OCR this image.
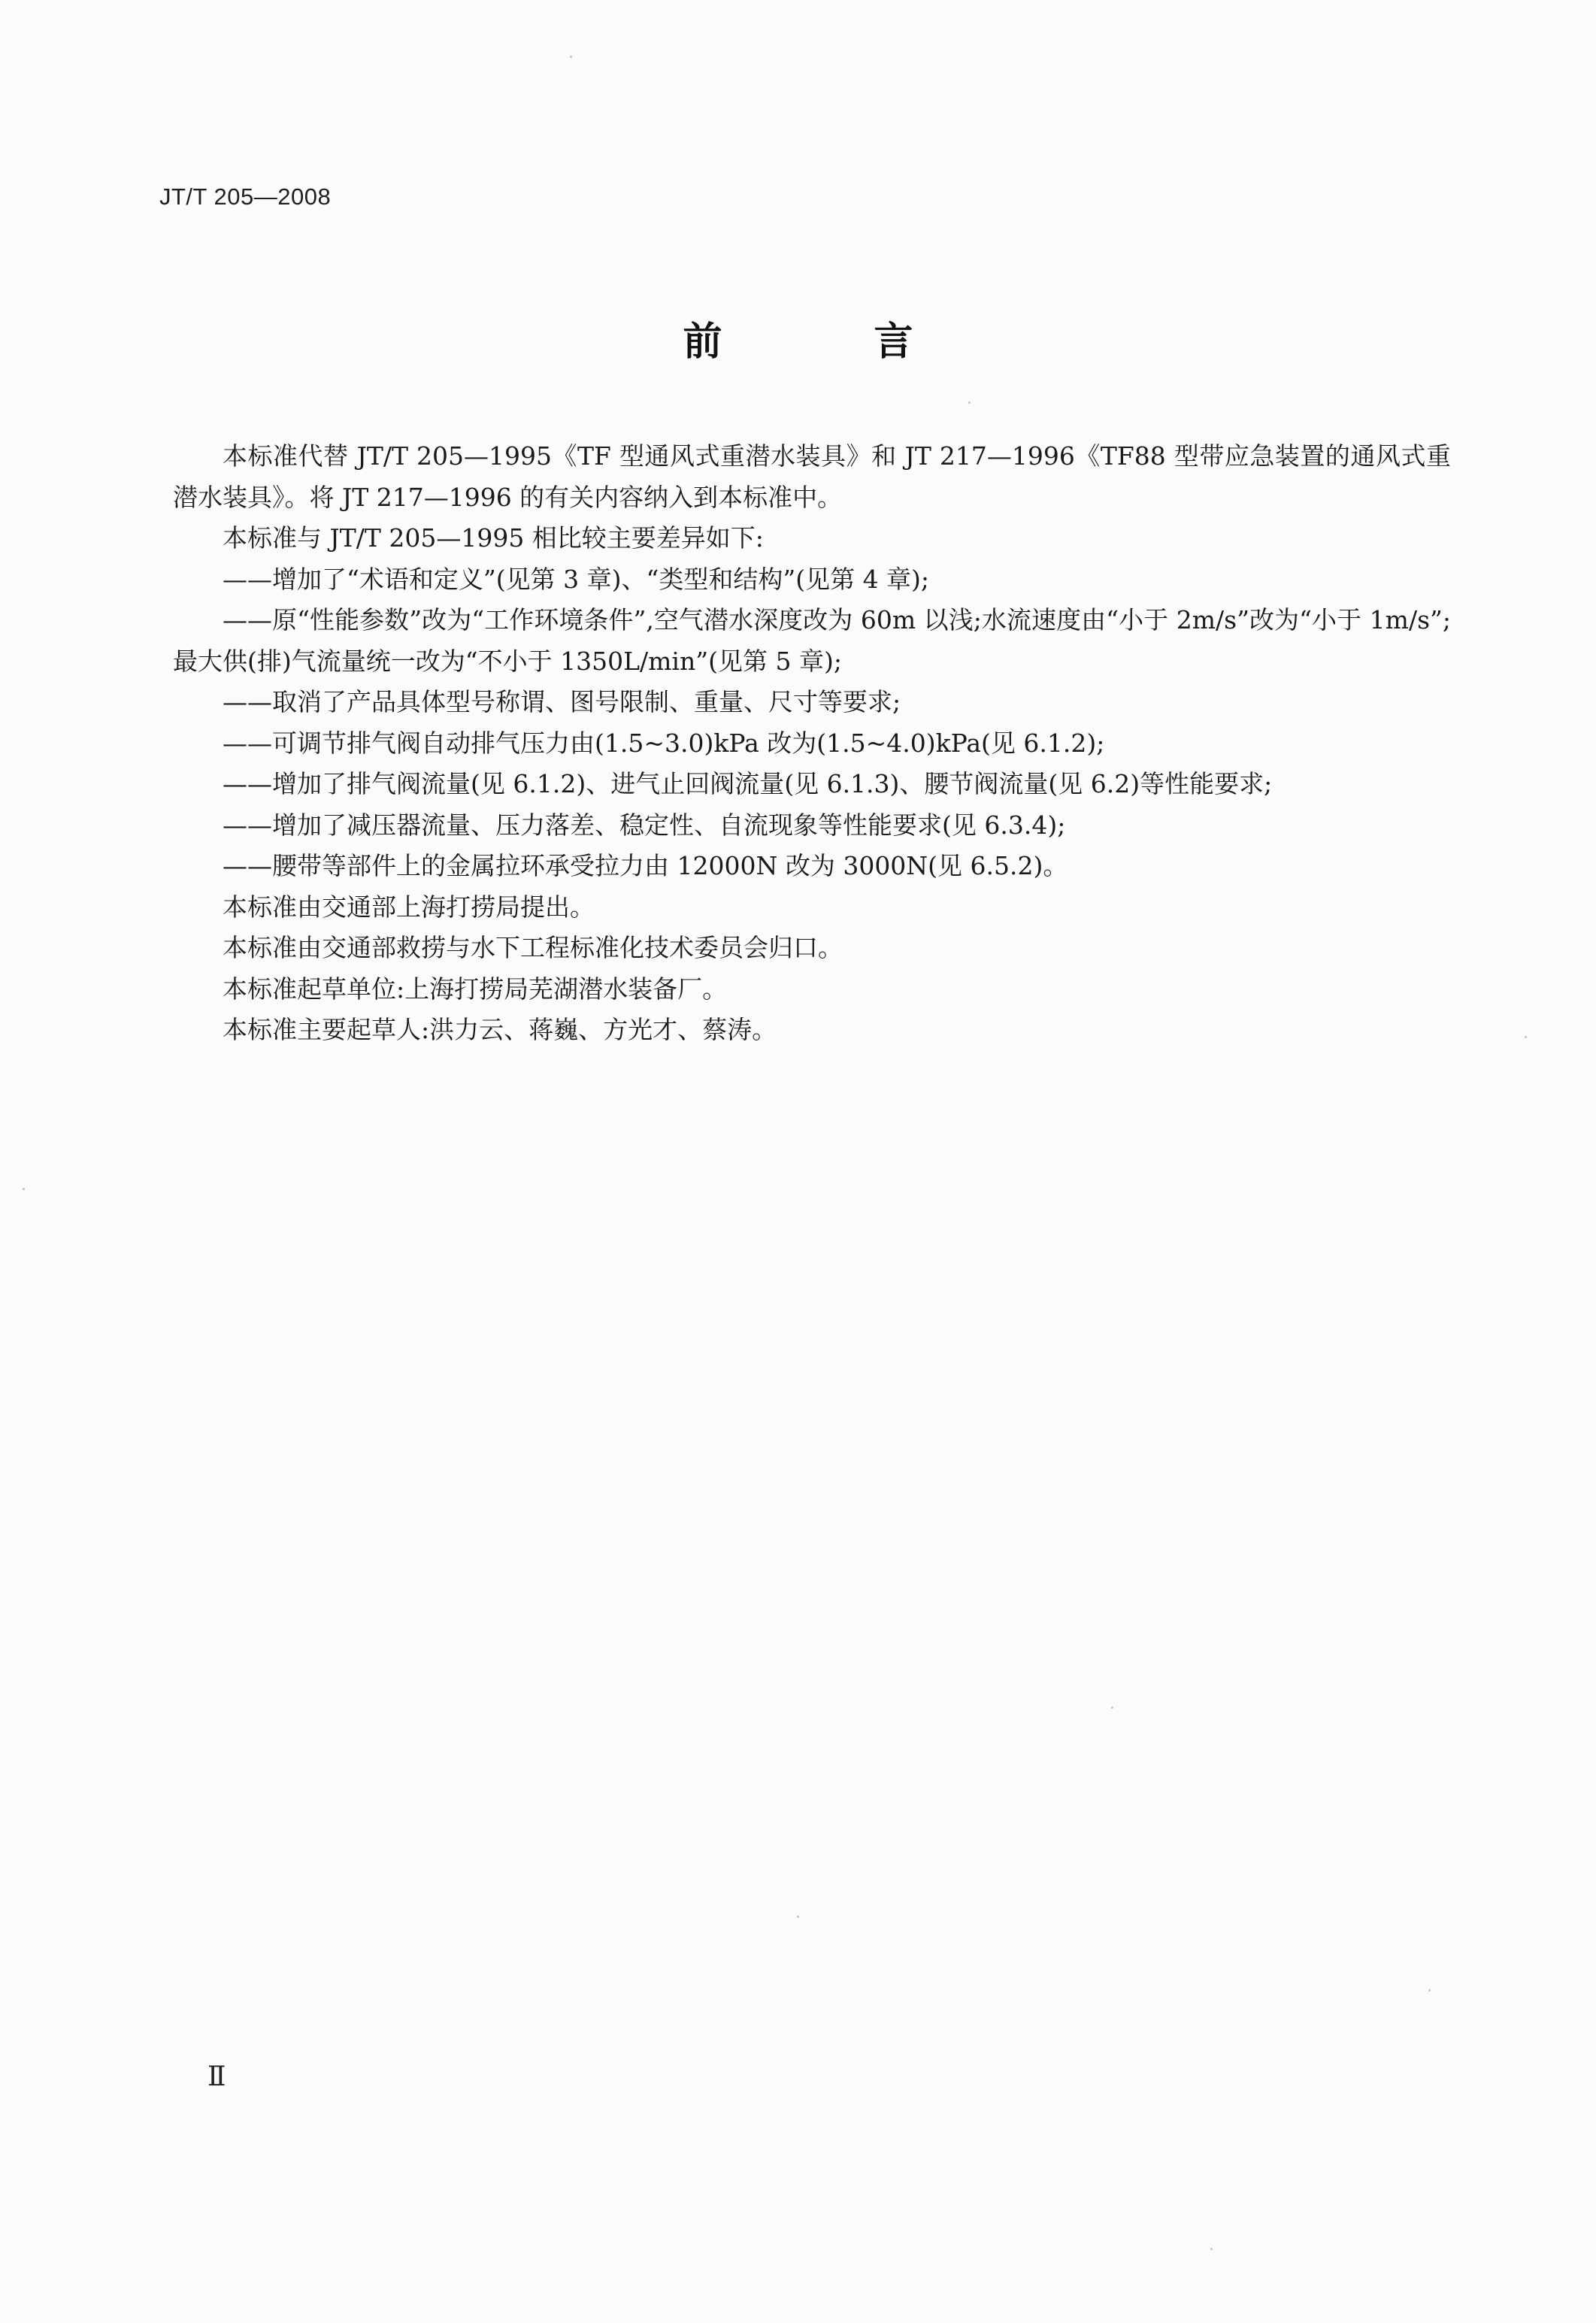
JT/T 205—2008
前 言

本标准代替 JT/T 205—1995《TF 型通风式重潜水装具》和 JT 217—1996《TF88 型带应急装置的通风式重潜水装具》。将 JT 217—1996 的有关内容纳入到本标准中。

本标准与 JT/T 205—1995 相比较主要差异如下:

——增加了“术语和定义”(见第 3 章)、“类型和结构”(见第 4 章);

——原“性能参数”改为“工作环境条件”,空气潜水深度改为 60m 以浅;水流速度由“小于 2m/s”改为“小于 1m/s”;最大供(排)气流量统一改为“不小于 1350L/min”(见第 5 章);

——取消了产品具体型号称谓、图号限制、重量、尺寸等要求;

——可调节排气阀自动排气压力由(1.5~3.0)kPa 改为(1.5~4.0)kPa(见 6.1.2);

——增加了排气阀流量(见 6.1.2)、进气止回阀流量(见 6.1.3)、腰节阀流量(见 6.2)等性能要求;

——增加了减压器流量、压力落差、稳定性、自流现象等性能要求(见 6.3.4);

——腰带等部件上的金属拉环承受拉力由 12000N 改为 3000N(见 6.5.2)。

本标准由交通部上海打捞局提出。

本标准由交通部救捞与水下工程标准化技术委员会归口。

本标准起草单位:上海打捞局芜湖潜水装备厂。

本标准主要起草人:洪力云、蒋巍、方光才、蔡涛。

Ⅱ
